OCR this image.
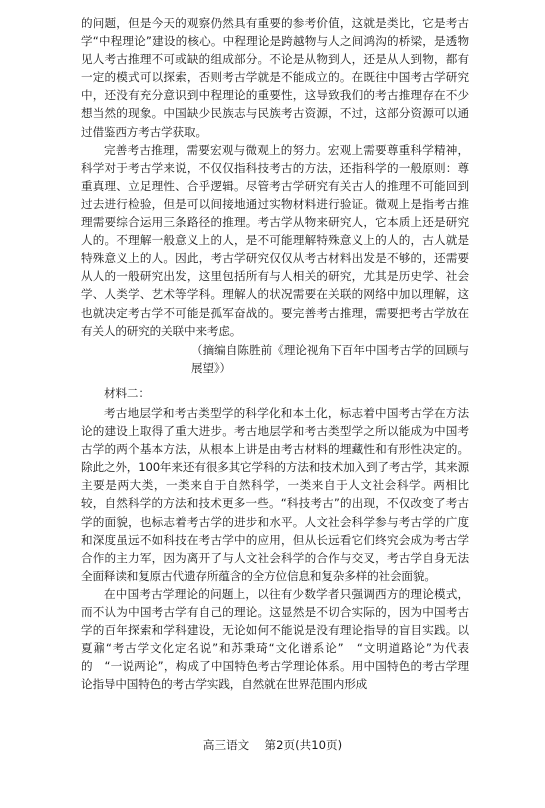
的问题，但是今天的观察仍然具有重要的参考价值，这就是类比，它是考古学“中程理论”建设的核心。中程理论是跨越物与人之间鸿沟的桥梁，是透物见人考古推理不可或缺的组成部分。不论是从物到人，还是从人到物，都有一定的模式可以探索，否则考古学就是不能成立的。在既往中国考古学研究中，还没有充分意识到中程理论的重要性，这导致我们的考古推理存在不少想当然的现象。中国缺少民族志与民族考古资源，不过，这部分资源可以通过借鉴西方考古学获取。

完善考古推理，需要宏观与微观上的努力。宏观上需要尊重科学精神，科学对于考古学来说，不仅仅指科技考古的方法，还指科学的一般原则：尊重真理、立足理性、合乎逻辑。尽管考古学研究有关古人的推理不可能回到过去进行检验，但是可以间接地通过实物材料进行验证。微观上是指考古推理需要综合运用三条路径的推理。考古学从物来研究人，它本质上还是研究人的。不理解一般意义上的人，是不可能理解特殊意义上的人的，古人就是特殊意义上的人。因此，考古学研究仅仅从考古材料出发是不够的，还需要从人的一般研究出发，这里包括所有与人相关的研究，尤其是历史学、社会学、人类学、艺术等学科。理解人的状况需要在关联的网络中加以理解，这也就决定考古学不可能是孤军奋战的。要完善考古推理，需要把考古学放在有关人的研究的关联中来考虑。

（摘编自陈胜前《理论视角下百年中国考古学的回顾与展望》）

材料二：

考古地层学和考古类型学的科学化和本土化，标志着中国考古学在方法论的建设上取得了重大进步。考古地层学和考古类型学之所以能成为中国考古学的两个基本方法，从根本上讲是由考古材料的埋藏性和有形性决定的。除此之外，100年来还有很多其它学科的方法和技术加入到了考古学，其来源主要是两大类，一类来自于自然科学，一类来自于人文社会科学。两相比较，自然科学的方法和技术更多一些。“科技考古”的出现，不仅改变了考古学的面貌，也标志着考古学的进步和水平。人文社会科学参与考古学的广度和深度虽远不如科技在考古学中的应用，但从长远看它们终究会成为考古学合作的主力军，因为离开了与人文社会科学的合作与交叉，考古学自身无法全面释读和复原古代遗存所蕴含的全方位信息和复杂多样的社会面貌。

在中国考古学理论的问题上，以往有少数学者只强调西方的理论模式，而不认为中国考古学有自己的理论。这显然是不切合实际的，因为中国考古学的百年探索和学科建设，无论如何不能说是没有理论指导的盲目实践。以夏鼐“考古学文化定名说”和苏秉琦“文化谱系论”　“文明道路论”为代表的　“一说两论”，构成了中国特色考古学理论体系。用中国特色的考古学理论指导中国特色的考古学实践，自然就在世界范围内形成

高三语文　 第2页(共10页)
